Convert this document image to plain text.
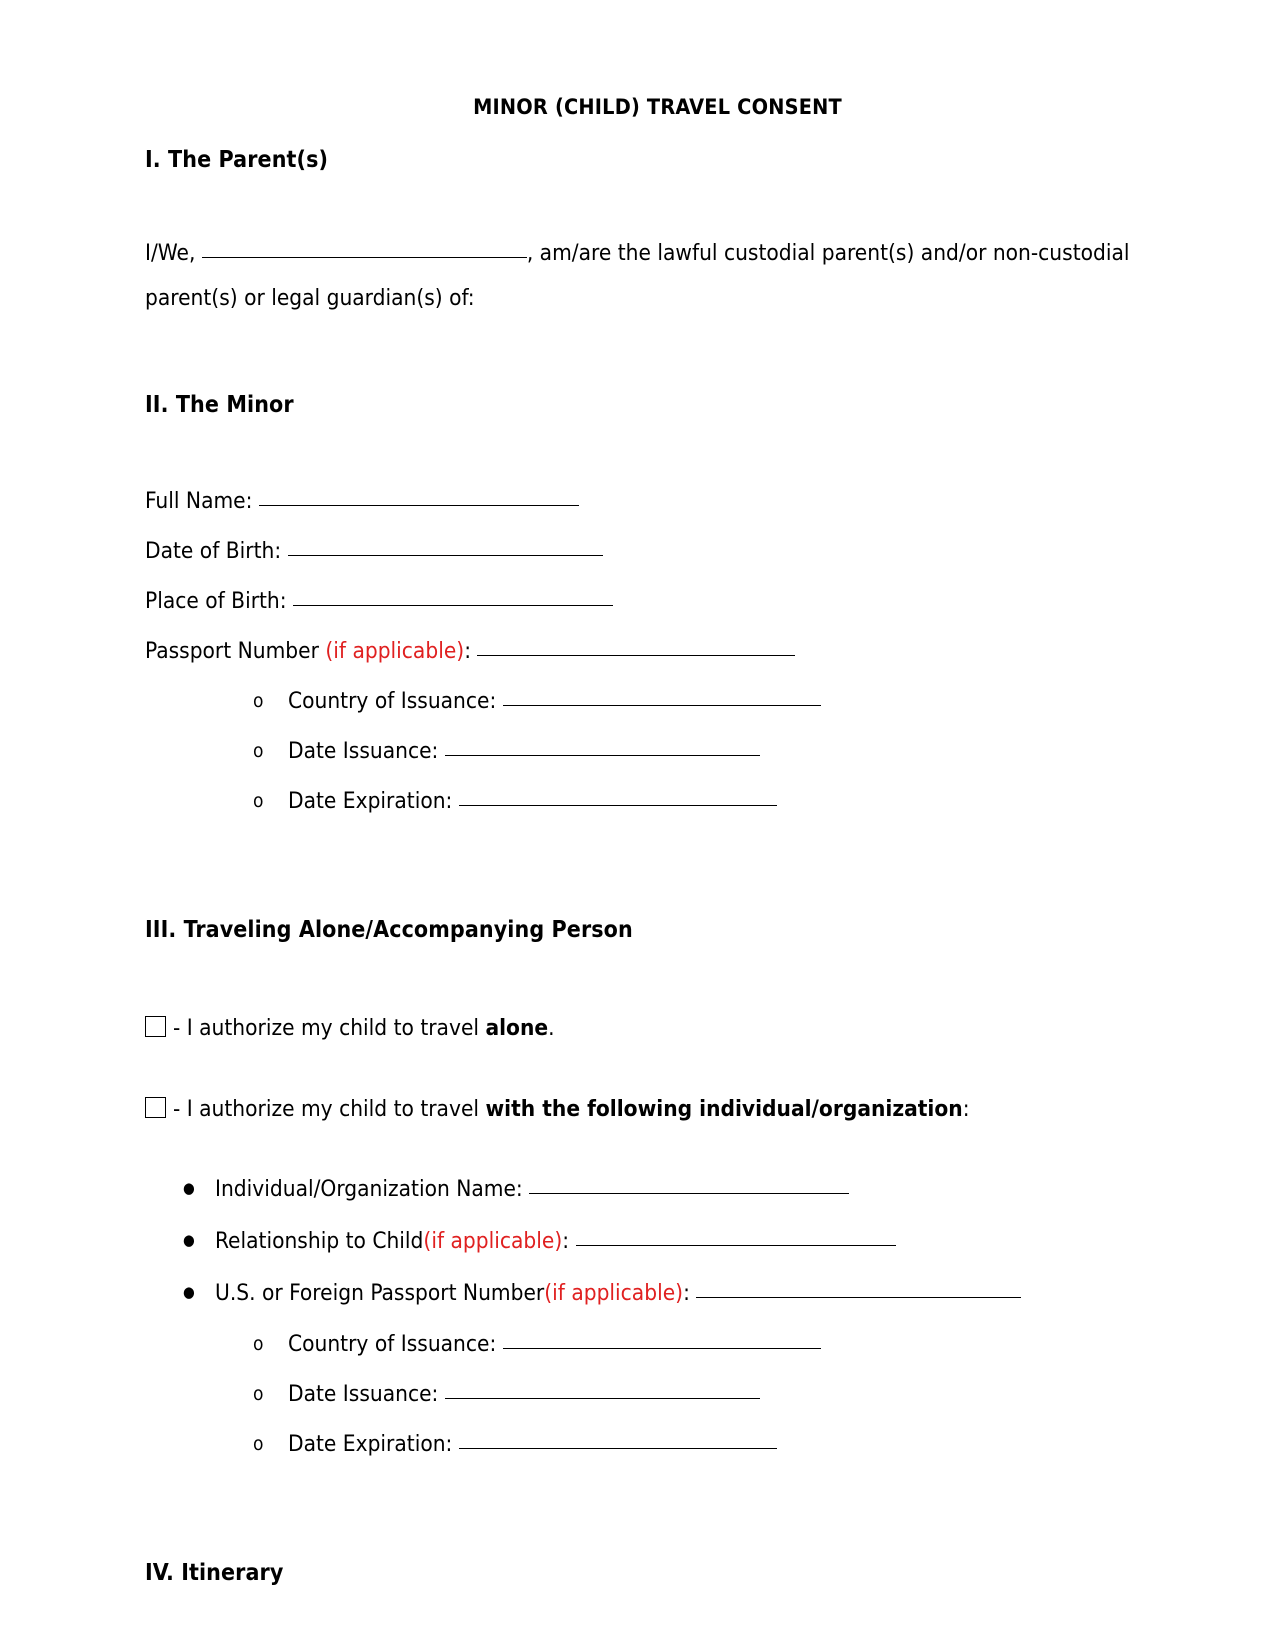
MINOR (CHILD) TRAVEL CONSENT
I. The Parent(s)

I/We,	, am/are the lawful custodial parent(s) and/or non-custodial
parent(s) or legal guardian(s) of:

II. The Minor
Full Name:
Date of Birth:
Place of Birth:
Passport Number (if applicable):
o Country of Issuance:
o Date Issuance:
o Date Expiration:
III. Traveling Alone/Accompanying Person
- I authorize my child to travel alone.
- I authorize my child to travel with the following individual/organization:
● Individual/Organization Name:
● Relationship to Child(if applicable):
● U.S. or Foreign Passport Number(if applicable):
o Country of Issuance:
o Date Issuance:
o Date Expiration:
IV. Itinerary
